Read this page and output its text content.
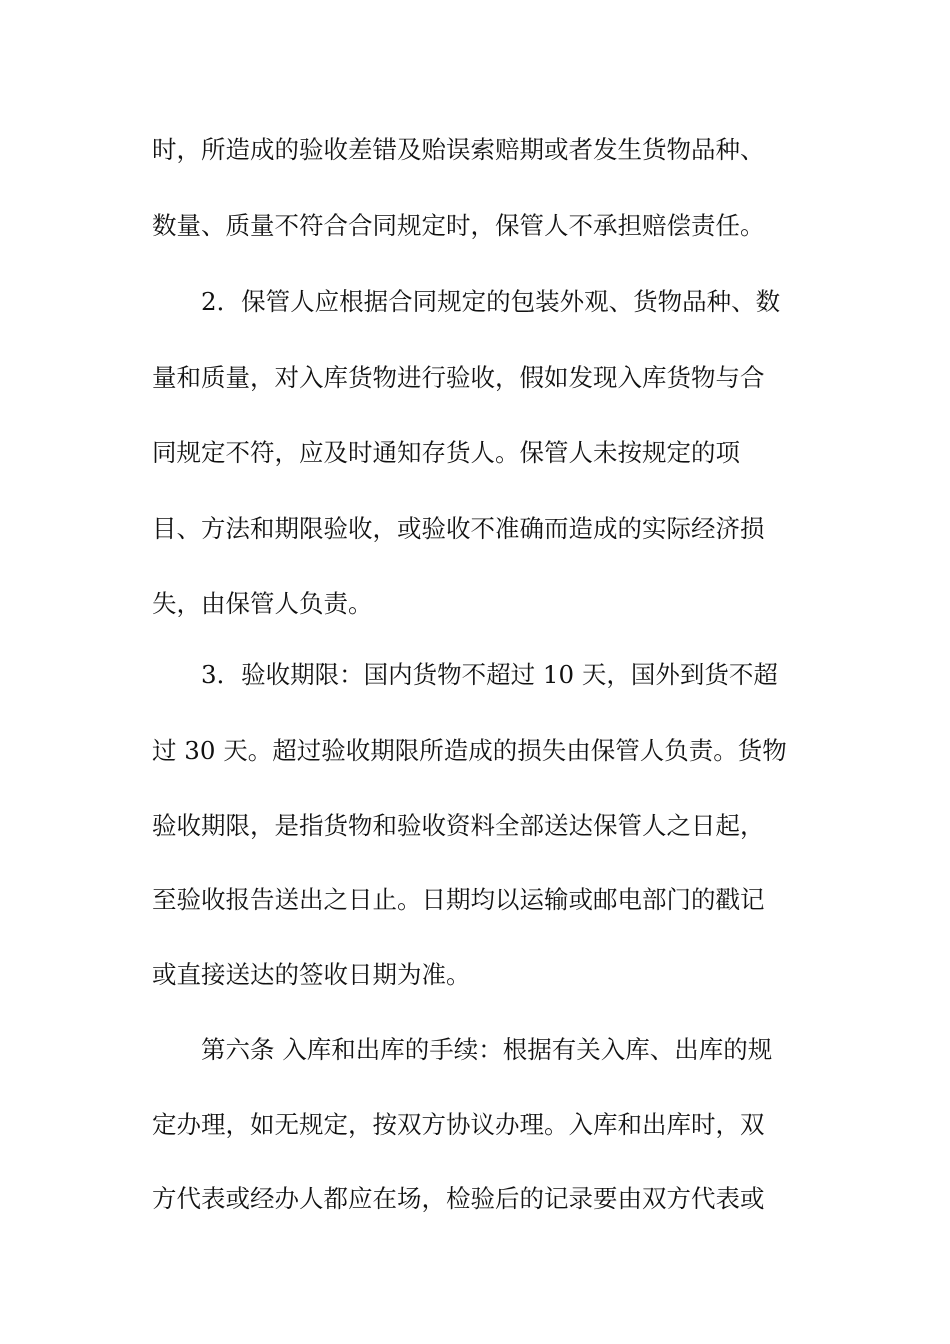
时，所造成的验收差错及贻误索赔期或者发生货物品种、

数量、质量不符合合同规定时，保管人不承担赔偿责任。

2．保管人应根据合同规定的包装外观、货物品种、数

量和质量，对入库货物进行验收，假如发现入库货物与合

同规定不符，应及时通知存货人。保管人未按规定的项

目、方法和期限验收，或验收不准确而造成的实际经济损

失，由保管人负责。

3．验收期限：国内货物不超过 10 天，国外到货不超

过 30 天。超过验收期限所造成的损失由保管人负责。货物

验收期限，是指货物和验收资料全部送达保管人之日起，

至验收报告送出之日止。日期均以运输或邮电部门的戳记

或直接送达的签收日期为准。

第六条 入库和出库的手续：根据有关入库、出库的规

定办理，如无规定，按双方协议办理。入库和出库时，双

方代表或经办人都应在场，检验后的记录要由双方代表或
